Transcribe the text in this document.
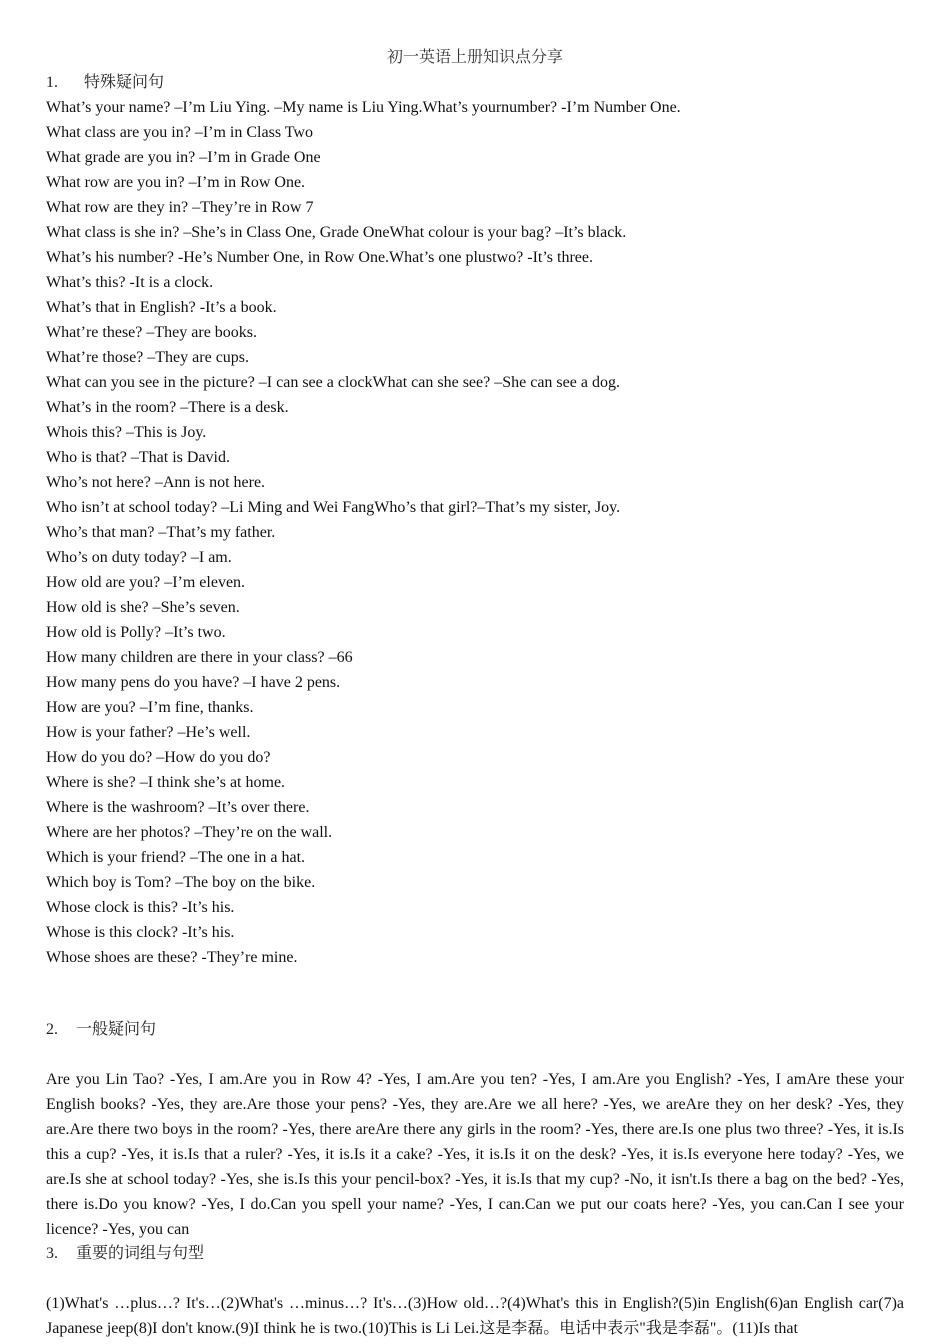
初一英语上册知识点分享

1. 特殊疑问句

What’s your name? –I’m Liu Ying. –My name is Liu Ying.What’s yournumber? -I’m Number One.
What class are you in? –I’m in Class Two
What grade are you in? –I’m in Grade One
What row are you in? –I’m in Row One.
What row are they in? –They’re in Row 7
What class is she in? –She’s in Class One, Grade OneWhat colour is your bag? –It’s black.
What’s his number? -He’s Number One, in Row One.What’s one plustwo? -It’s three.
What’s this? -It is a clock.
What’s that in English? -It’s a book.
What’re these? –They are books.
What’re those? –They are cups.
What can you see in the picture? –I can see a clockWhat can she see? –She can see a dog.
What’s in the room? –There is a desk.
Whois this? –This is Joy.
Who is that? –That is David.
Who’s not here? –Ann is not here.
Who isn’t at school today? –Li Ming and Wei FangWho’s that girl?–That’s my sister, Joy.
Who’s that man? –That’s my father.
Who’s on duty today? –I am.
How old are you? –I’m eleven.
How old is she? –She’s seven.
How old is Polly? –It’s two.
How many children are there in your class? –66
How many pens do you have? –I have 2 pens.
How are you? –I’m fine, thanks.
How is your father? –He’s well.
How do you do? –How do you do?
Where is she? –I think she’s at home.
Where is the washroom? –It’s over there.
Where are her photos? –They’re on the wall.
Which is your friend? –The one in a hat.
Which boy is Tom? –The boy on the bike.
Whose clock is this? -It’s his.
Whose is this clock? -It’s his.
Whose shoes are these? -They’re mine.

2. 一般疑问句

Are you Lin Tao? -Yes, I am.Are you in Row 4? -Yes, I am.Are you ten? -Yes, I am.Are you English? -Yes, I amAre these your English books? -Yes, they are.Are those your pens? -Yes, they are.Are we all here? -Yes, we areAre they on her desk? -Yes, they are.Are there two boys in the room? -Yes, there areAre there any girls in the room? -Yes, there are.Is one plus two three? -Yes, it is.Is this a cup? -Yes, it is.Is that a ruler? -Yes, it is.Is it a cake? -Yes, it is.Is it on the desk? -Yes, it is.Is everyone here today? -Yes, we are.Is she at school today? -Yes, she is.Is this your pencil-box? -Yes, it is.Is that my cup? -No, it isn't.Is there a bag on the bed? -Yes, there is.Do you know? -Yes, I do.Can you spell your name? -Yes, I can.Can we put our coats here? -Yes, you can.Can I see your licence? -Yes, you can

3. 重要的词组与句型

(1)What's …plus…? It's…(2)What's …minus…? It's…(3)How old…?(4)What's this in English?(5)in English(6)an English car(7)a Japanese jeep(8)I don't know.(9)I think he is two.(10)This is Li Lei.这是李磊。电话中表示"我是李磊"。(11)Is that
